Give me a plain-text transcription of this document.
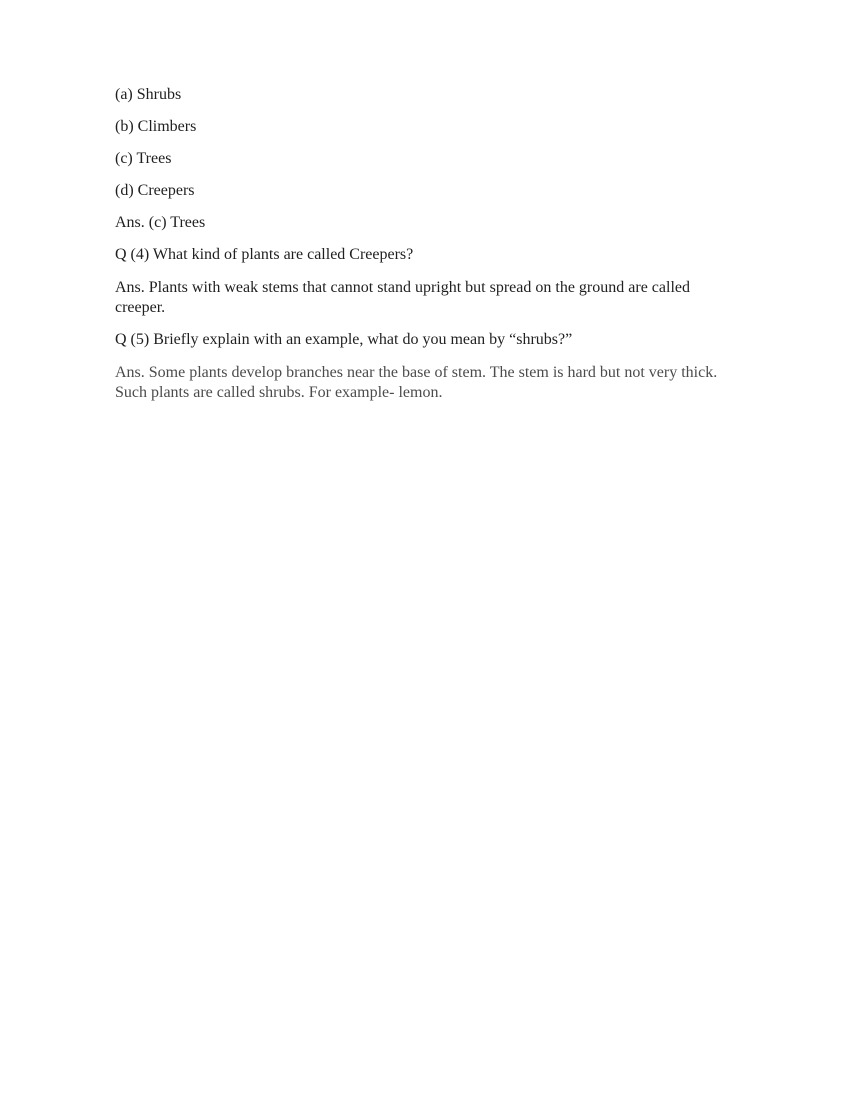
(a) Shrubs

(b) Climbers

(c) Trees

(d) Creepers

Ans. (c) Trees

Q (4) What kind of plants are called Creepers?

Ans. Plants with weak stems that cannot stand upright but spread on the ground are called creeper.

Q (5) Briefly explain with an example, what do you mean by “shrubs?”

Ans. Some plants develop branches near the base of stem. The stem is hard but not very thick. Such plants are called shrubs. For example- lemon.
